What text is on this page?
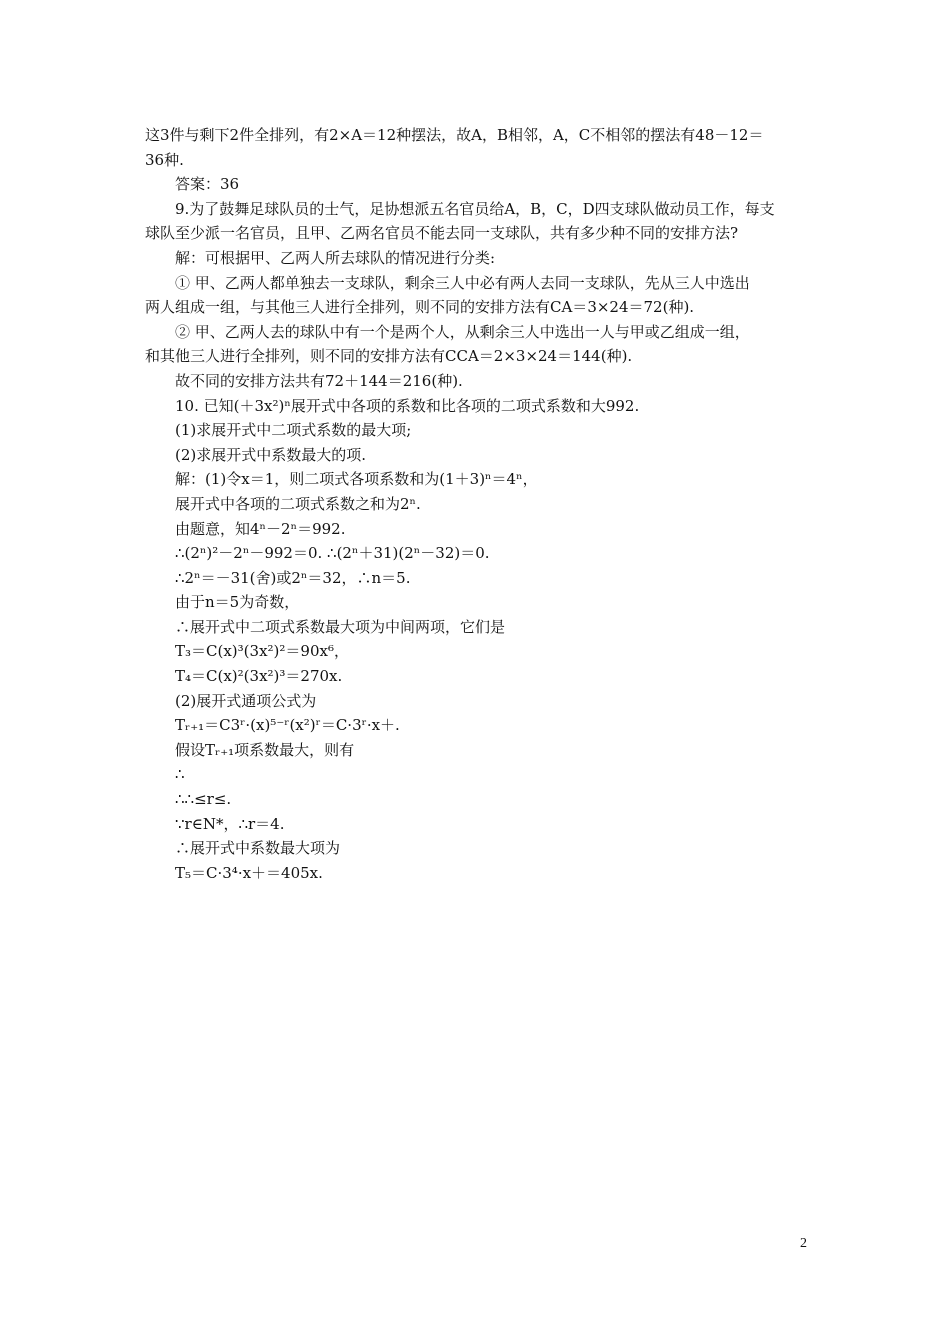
这3件与剩下2件全排列，有2×A＝12种摆法，故A，B相邻，A，C不相邻的摆法有48－12＝
36种.
答案：36
9.为了鼓舞足球队员的士气，足协想派五名官员给A，B，C，D四支球队做动员工作，每支
球队至少派一名官员，且甲、乙两名官员不能去同一支球队，共有多少种不同的安排方法?
解：可根据甲、乙两人所去球队的情况进行分类:
① 甲、乙两人都单独去一支球队，剩余三人中必有两人去同一支球队，先从三人中选出
两人组成一组，与其他三人进行全排列，则不同的安排方法有CA＝3×24＝72(种).
② 甲、乙两人去的球队中有一个是两个人，从剩余三人中选出一人与甲或乙组成一组，
和其他三人进行全排列，则不同的安排方法有CCA＝2×3×24＝144(种).
故不同的安排方法共有72＋144＝216(种).
10. 已知(＋3x²)ⁿ展开式中各项的系数和比各项的二项式系数和大992.
(1)求展开式中二项式系数的最大项;
(2)求展开式中系数最大的项.
解：(1)令x＝1，则二项式各项系数和为(1＋3)ⁿ＝4ⁿ，
展开式中各项的二项式系数之和为2ⁿ.
由题意，知4ⁿ－2ⁿ＝992.
∴(2ⁿ)²－2ⁿ－992＝0. ∴(2ⁿ＋31)(2ⁿ－32)＝0.
∴2ⁿ＝－31(舍)或2ⁿ＝32，∴n＝5.
由于n＝5为奇数，
∴展开式中二项式系数最大项为中间两项，它们是
T₃＝C(x)³(3x²)²＝90x⁶，
T₄＝C(x)²(3x²)³＝270x.
(2)展开式通项公式为
Tᵣ₊₁＝C3ʳ·(x)⁵⁻ʳ(x²)ʳ＝C·3ʳ·x＋.
假设Tᵣ₊₁项系数最大，则有
∴
∴∴≤r≤.
∵r∈N*，∴r＝4.
∴展开式中系数最大项为
T₅＝C·3⁴·x＋＝405x.
2
